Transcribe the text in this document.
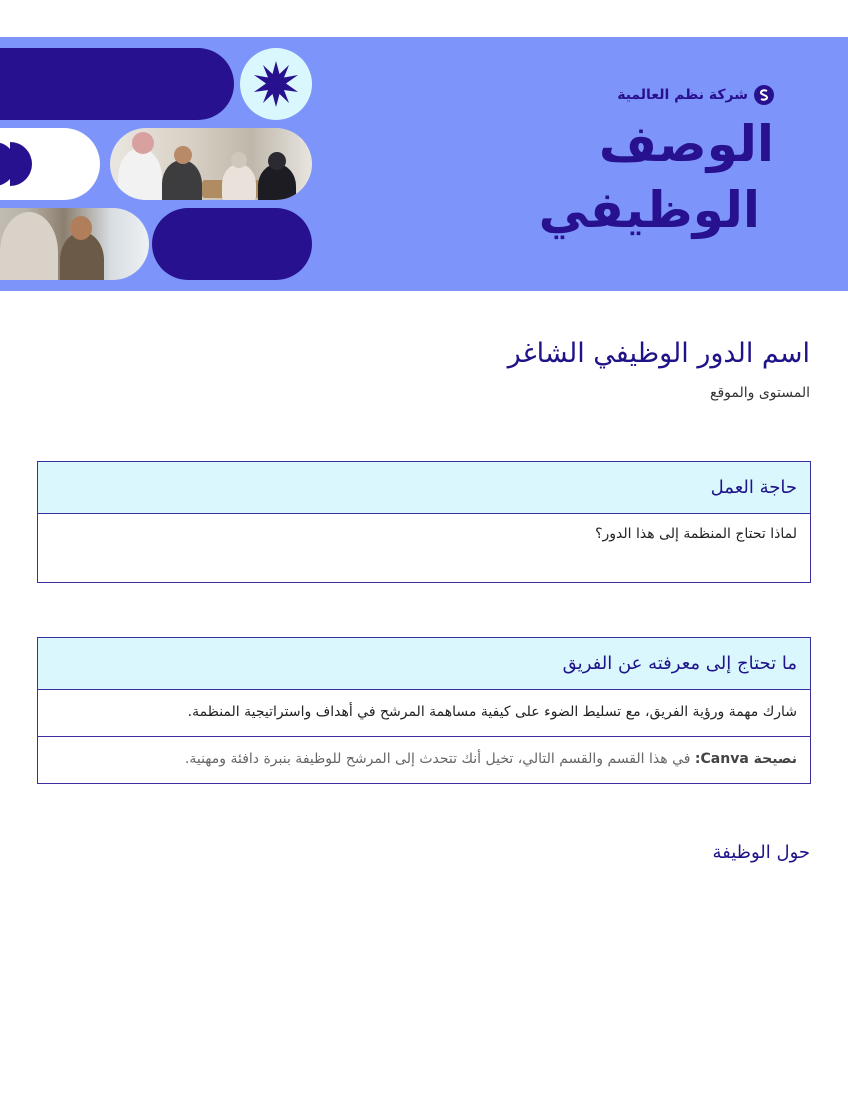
شركة نظم العالمية
الوصف
الوظيفي
اسم الدور الوظيفي الشاغر
المستوى والموقع
حاجة العمل
لماذا تحتاج المنظمة إلى هذا الدور؟
ما تحتاج إلى معرفته عن الفريق
شارك مهمة ورؤية الفريق، مع تسليط الضوء على كيفية مساهمة المرشح في أهداف واستراتيجية المنظمة.
نصيحة Canva: في هذا القسم والقسم التالي، تخيل أنك تتحدث إلى المرشح للوظيفة بنبرة دافئة ومهنية.
حول الوظيفة
